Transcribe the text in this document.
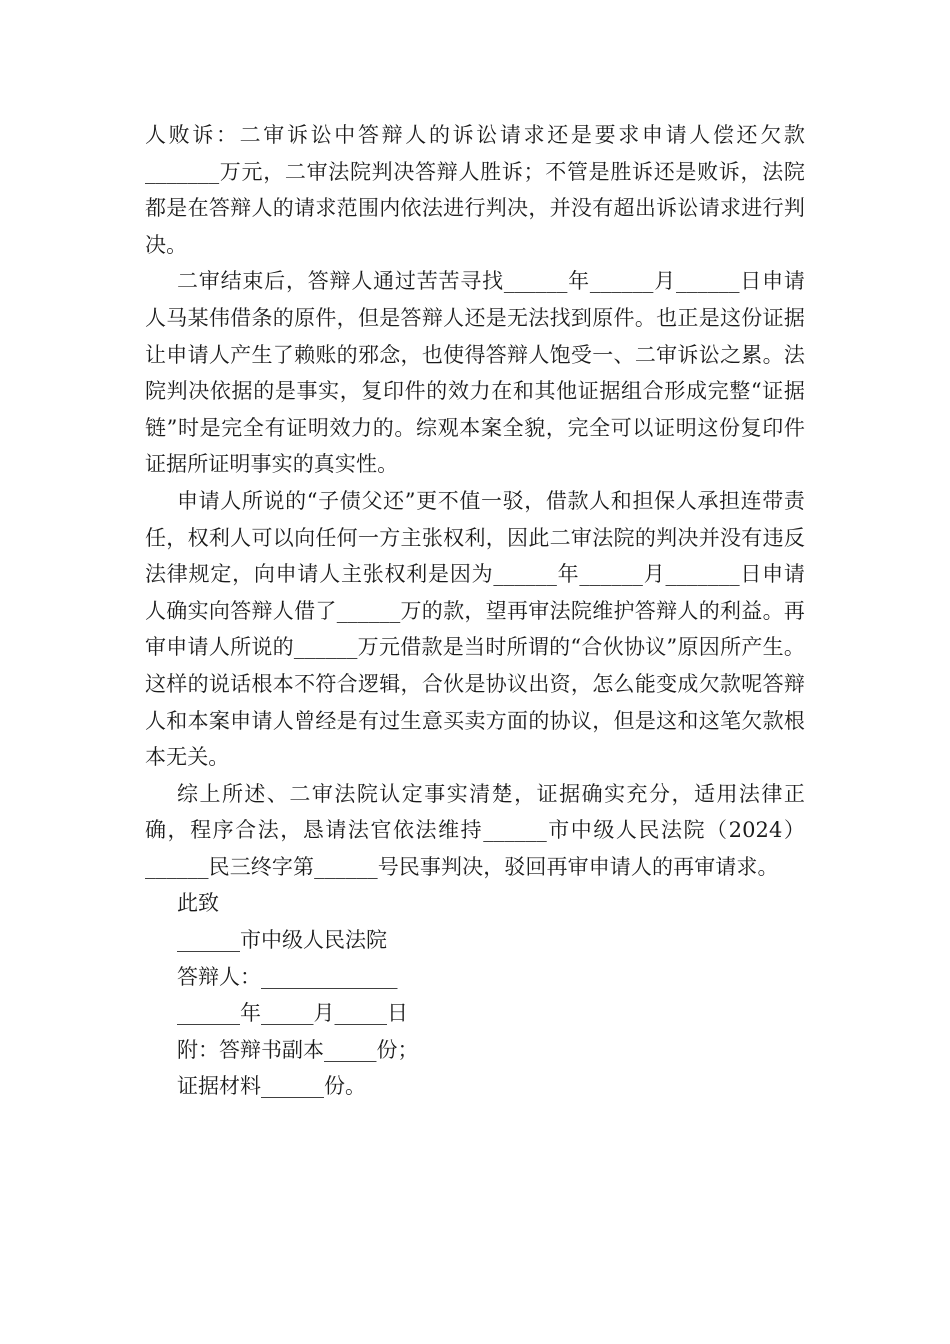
人败诉：二审诉讼中答辩人的诉讼请求还是要求申请人偿还欠款_______万元，二审法院判决答辩人胜诉；不管是胜诉还是败诉，法院都是在答辩人的请求范围内依法进行判决，并没有超出诉讼请求进行判决。

二审结束后，答辩人通过苦苦寻找______年______月______日申请人马某伟借条的原件，但是答辩人还是无法找到原件。也正是这份证据让申请人产生了赖账的邪念，也使得答辩人饱受一、二审诉讼之累。法院判决依据的是事实，复印件的效力在和其他证据组合形成完整“证据链”时是完全有证明效力的。综观本案全貌，完全可以证明这份复印件证据所证明事实的真实性。

申请人所说的“子债父还”更不值一驳，借款人和担保人承担连带责任，权利人可以向任何一方主张权利，因此二审法院的判决并没有违反法律规定，向申请人主张权利是因为______年______月_______日申请人确实向答辩人借了______万的款，望再审法院维护答辩人的利益。再审申请人所说的______万元借款是当时所谓的“合伙协议”原因所产生。这样的说话根本不符合逻辑，合伙是协议出资，怎么能变成欠款呢答辩人和本案申请人曾经是有过生意买卖方面的协议，但是这和这笔欠款根本无关。

综上所述、二审法院认定事实清楚，证据确实充分，适用法律正确，程序合法，恳请法官依法维持______市中级人民法院（2024）______民三终字第______号民事判决，驳回再审申请人的再审请求。

此致

______市中级人民法院

答辩人：_____________

______年_____月_____日

附：答辩书副本_____份；

证据材料______份。
